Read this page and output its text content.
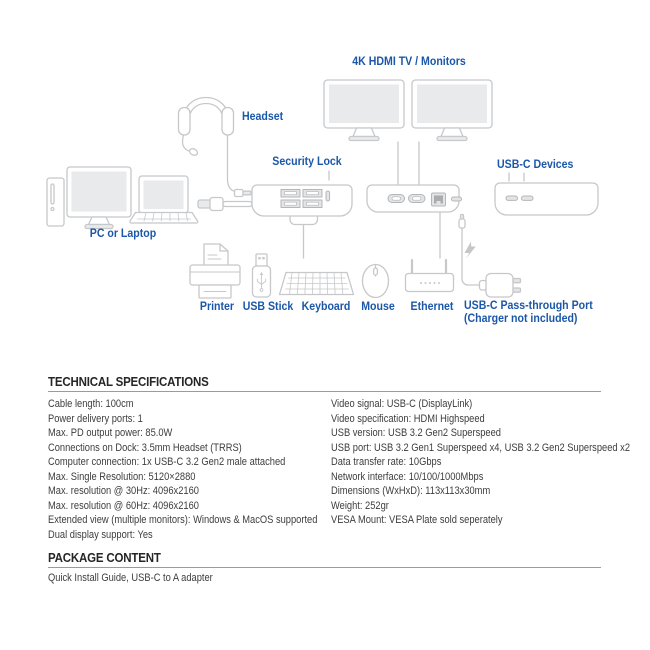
4K HDMI TV / Monitors
Headset
Security Lock	USB-C Devices
PC or Laptop
Printer USB Stick Keyboard Mouse	Ethernet USB-C Pass-through Port
(Charger not included)
TECHNICAL SPECIFICATIONS
Cable length: 100cm
Power delivery ports: 1
Max. PD output power: 85.0W
Connections on Dock: 3.5mm Headset (TRRS)
Computer connection: 1x USB-C 3.2 Gen2 male attached
Max. Single Resolution: 5120×2880
Max. resolution @ 30Hz: 4096x2160
Max. resolution @ 60Hz: 4096x2160
Extended view (multiple monitors): Windows & MacOS supported
Dual display support: Yes
Video signal: USB-C (DisplayLink)
Video specification: HDMI Highspeed
USB version: USB 3.2 Gen2 Superspeed
USB port: USB 3.2 Gen1 Superspeed x4, USB 3.2 Gen2 Superspeed x2
Data transfer rate: 10Gbps
Network interface: 10/100/1000Mbps
Dimensions (WxHxD): 113x113x30mm
Weight: 252gr
VESA Mount: VESA Plate sold seperately
PACKAGE CONTENT
Quick Install Guide, USB-C to A adapter
